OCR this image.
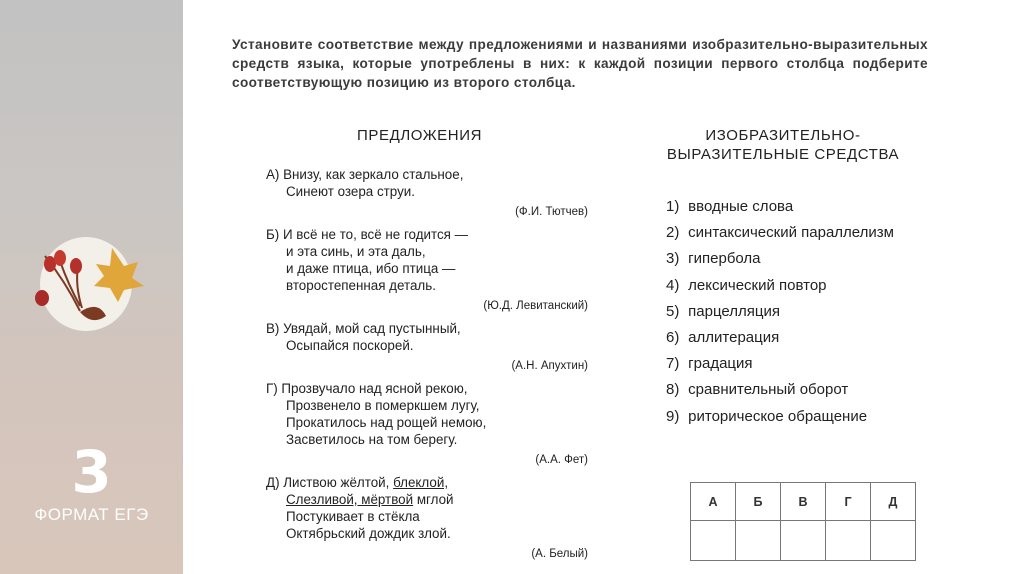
3
ФОРМАТ ЕГЭ
Установите соответствие между предложениями и названиями изобразительно-выразительных средств языка, которые употреблены в них: к каждой позиции первого столбца подберите соответствующую позицию из второго столбца.
ПРЕДЛОЖЕНИЯ	ИЗОБРАЗИТЕЛЬНО-ВЫРАЗИТЕЛЬНЫЕ СРЕДСТВА
А) Внизу, как зеркало стальное,
Синеют озера струи.
(Ф.И. Тютчев)
Б) И всё не то, всё не годится —
и эта синь, и эта даль,
и даже птица, ибо птица —
второстепенная деталь.
(Ю.Д. Левитанский)
В) Увядай, мой сад пустынный,
Осыпайся поскорей.
(А.Н. Апухтин)
Г) Прозвучало над ясной рекою,
Прозвенело в померкшем лугу,
Прокатилось над рощей немою,
Засветилось на том берегу.
(А.А. Фет)
Д) Листвою жёлтой, блеклой,
Слезливой, мёртвой мглой
Постукивает в стёкла
Октябрьский дождик злой.
(А. Белый)
1) вводные слова
2) синтаксический параллелизм
3) гипербола
4) лексический повтор
5) парцелляция
6) аллитерация
7) градация
8) сравнительный оборот
9) риторическое обращение
А	Б	В	Г	Д
